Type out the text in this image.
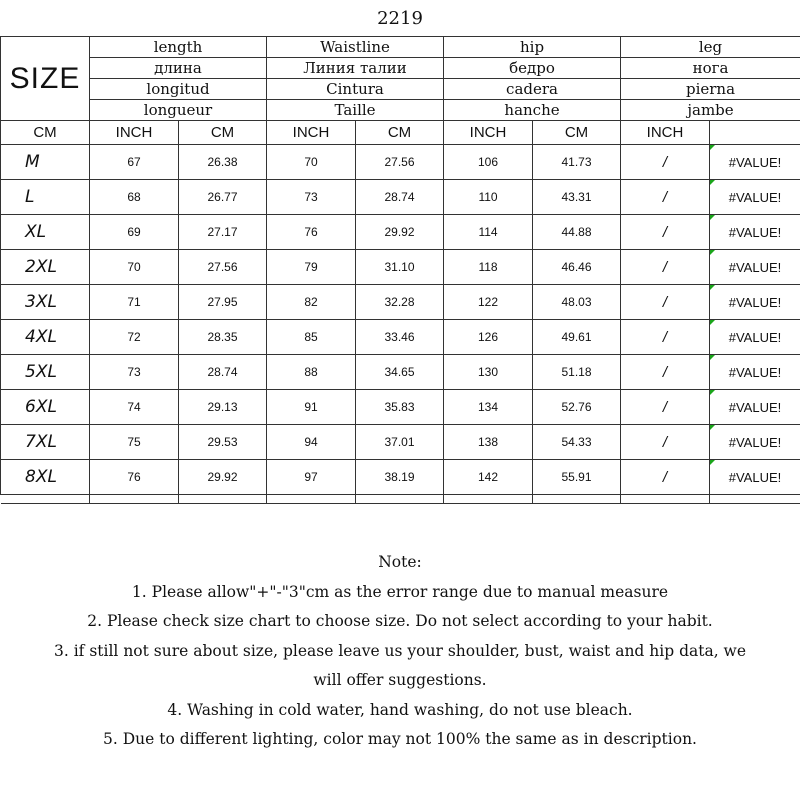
2219
SIZE	length		Waistline		hip		leg	
	длина		Линия талии		бедро		нога	
	longitud		Cintura		cadera		pierna	
	longueur		Taille		hanche		jambe	
CM	INCH	CM	INCH	CM	INCH	CM	INCH	
M	67	26.38	70	27.56	106	41.73	/	#VALUE!
L	68	26.77	73	28.74	110	43.31	/	#VALUE!
XL	69	27.17	76	29.92	114	44.88	/	#VALUE!
2XL	70	27.56	79	31.10	118	46.46	/	#VALUE!
3XL	71	27.95	82	32.28	122	48.03	/	#VALUE!
4XL	72	28.35	85	33.46	126	49.61	/	#VALUE!
5XL	73	28.74	88	34.65	130	51.18	/	#VALUE!
6XL	74	29.13	91	35.83	134	52.76	/	#VALUE!
7XL	75	29.53	94	37.01	138	54.33	/	#VALUE!
8XL	76	29.92	97	38.19	142	55.91	/	#VALUE!

Note:

1. Please allow"+"-"3"cm as the error range due to manual measure

2. Please check size chart to choose size. Do not select according to your habit.

3. if still not sure about size, please leave us your shoulder, bust, waist and hip data, we

will offer suggestions.

4. Washing in cold water, hand washing, do not use bleach.

5. Due to different lighting, color may not 100% the same as in description.
